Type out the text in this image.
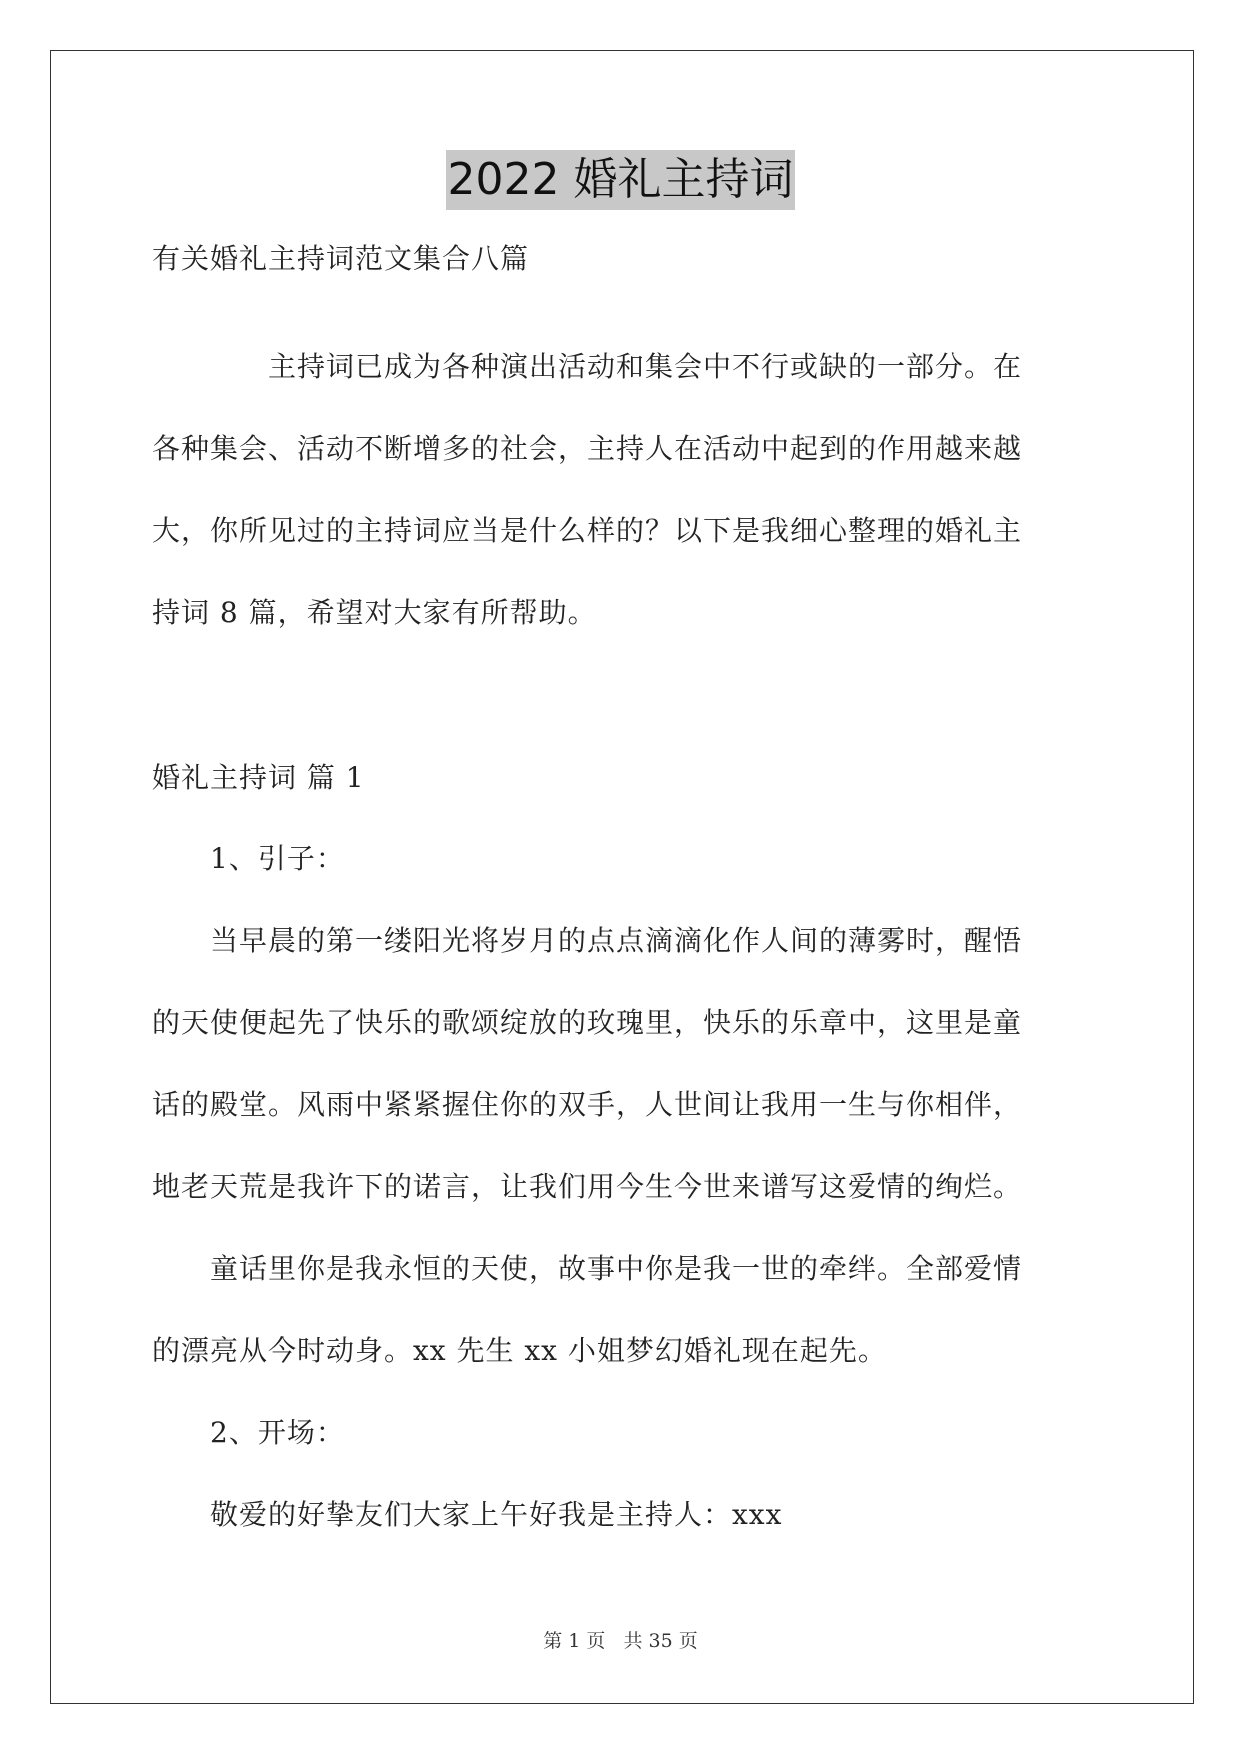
2022 婚礼主持词
有关婚礼主持词范文集合八篇
　　　　主持词已成为各种演出活动和集会中不行或缺的一部分。在
各种集会、活动不断增多的社会，主持人在活动中起到的作用越来越
大，你所见过的主持词应当是什么样的？以下是我细心整理的婚礼主
持词 8 篇，希望对大家有所帮助。
婚礼主持词 篇 1
　　1、引子：
　　当早晨的第一缕阳光将岁月的点点滴滴化作人间的薄雾时，醒悟
的天使便起先了快乐的歌颂绽放的玫瑰里，快乐的乐章中，这里是童
话的殿堂。风雨中紧紧握住你的双手，人世间让我用一生与你相伴，
地老天荒是我许下的诺言，让我们用今生今世来谱写这爱情的绚烂。
　　童话里你是我永恒的天使，故事中你是我一世的牵绊。全部爱情
的漂亮从今时动身。xx 先生 xx 小姐梦幻婚礼现在起先。
　　2、开场：
　　敬爱的好挚友们大家上午好我是主持人：xxx
第 1 页 共 35 页
